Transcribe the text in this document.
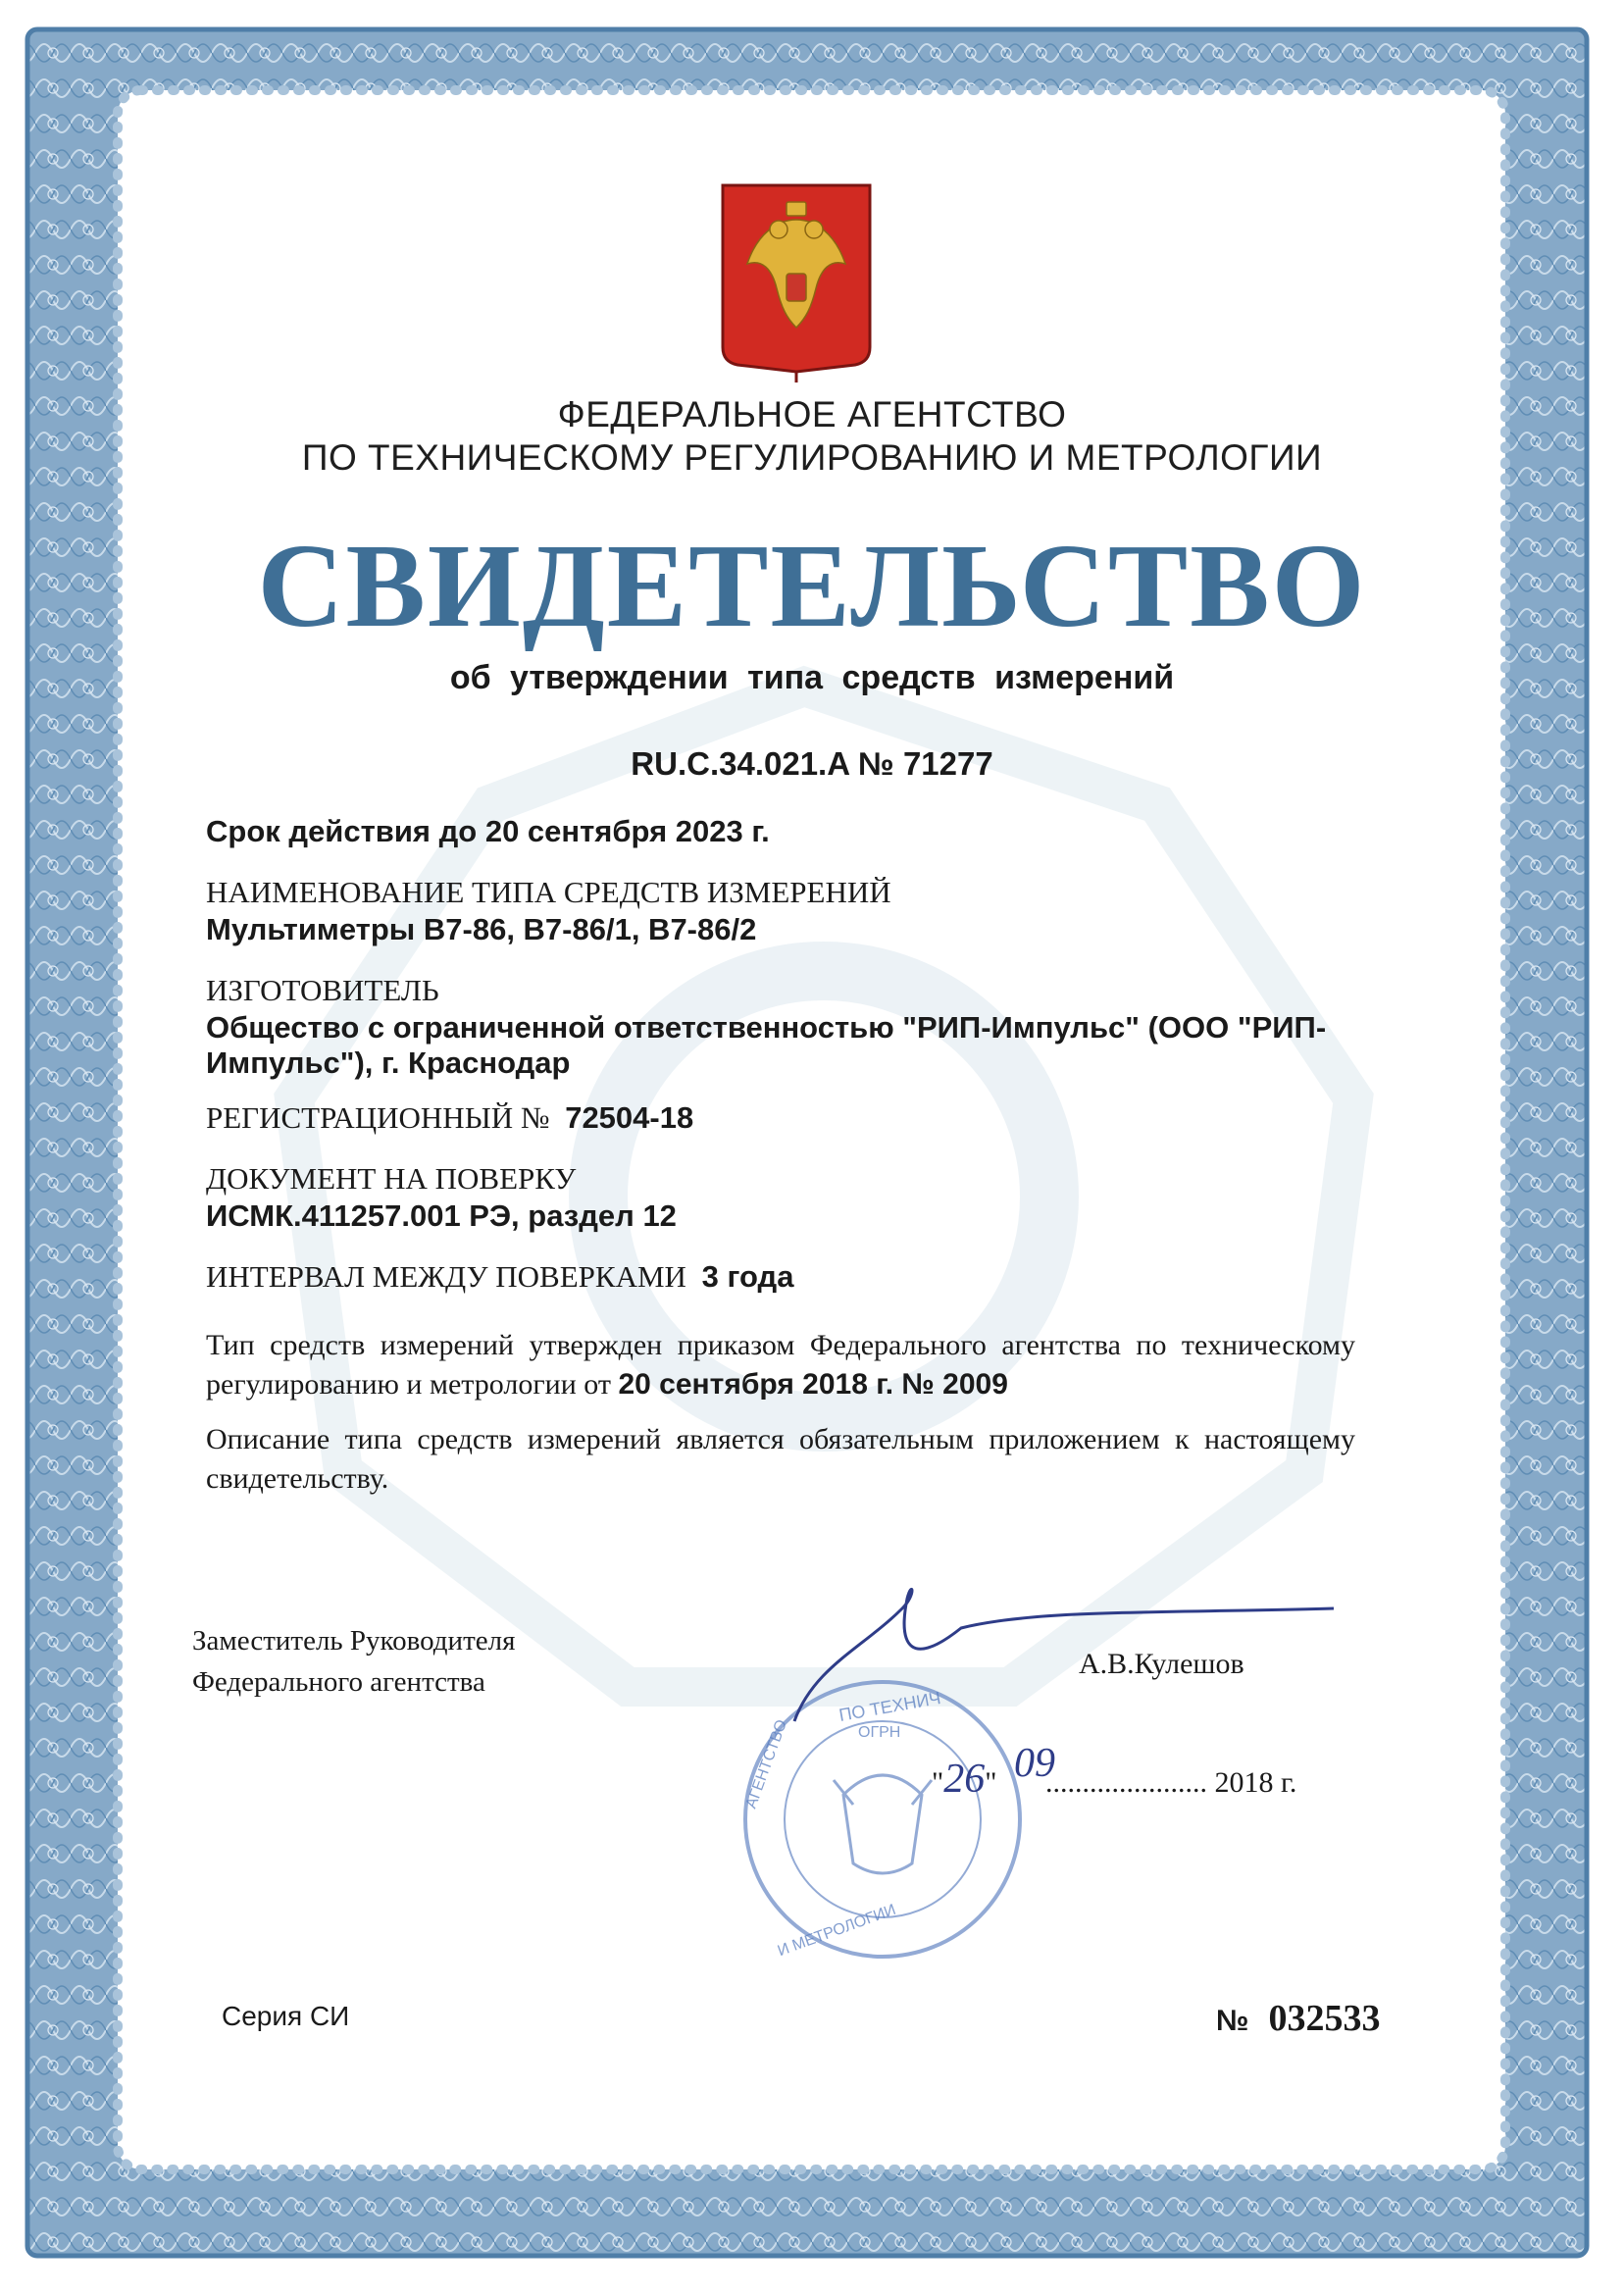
ФЕДЕРАЛЬНОЕ АГЕНТСТВО
ПО ТЕХНИЧЕСКОМУ РЕГУЛИРОВАНИЮ И МЕТРОЛОГИИ
СВИДЕТЕЛЬСТВО
об утверждении типа средств измерений
RU.C.34.021.A № 71277
Срок действия до 20 сентября 2023 г.
НАИМЕНОВАНИЕ ТИПА СРЕДСТВ ИЗМЕРЕНИЙ
Мультиметры В7-86, В7-86/1, В7-86/2
ИЗГОТОВИТЕЛЬ
Общество с ограниченной ответственностью "РИП-Импульс" (ООО "РИП-
Импульс"), г. Краснодар
РЕГИСТРАЦИОННЫЙ № 72504-18
ДОКУМЕНТ НА ПОВЕРКУ
ИСМК.411257.001 РЭ, раздел 12
ИНТЕРВАЛ МЕЖДУ ПОВЕРКАМИ 3 года
Тип средств измерений утвержден приказом Федерального агентства по техническому регулированию и метрологии от 20 сентября 2018 г. № 2009
Описание типа средств измерений является обязательным приложением к настоящему свидетельству.
Заместитель Руководителя
Федерального агентства
А.В.Кулешов
ПО ТЕХНИЧ
ОГРН
АГЕНТСТВО
И МЕТРОЛОГИИ
"26" 09...................... 2018 г.
Серия СИ	№ 032533
